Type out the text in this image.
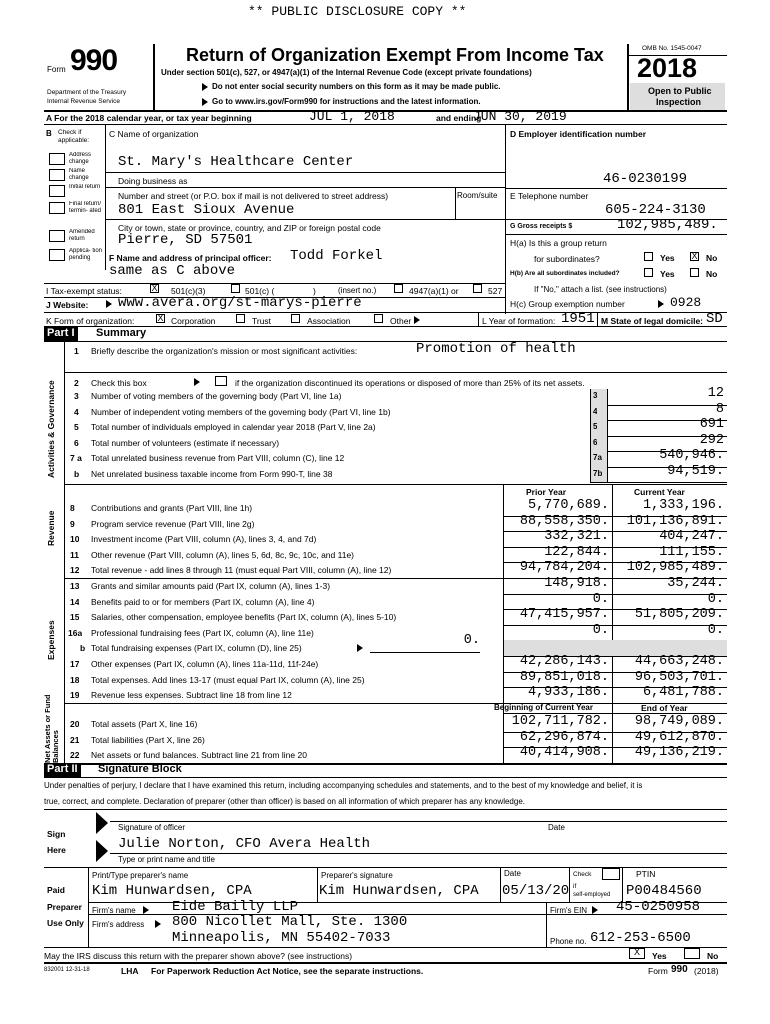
** PUBLIC DISCLOSURE COPY **
Form 990
Department of the Treasury
Internal Revenue Service
Return of Organization Exempt From Income Tax
Under section 501(c), 527, or 4947(a)(1) of the Internal Revenue Code (except private foundations)
Do not enter social security numbers on this form as it may be made public.
Go to www.irs.gov/Form990 for instructions and the latest information.
OMB No. 1545-0047
2018
Open to Public
Inspection
A For the 2018 calendar year, or tax year beginning	JUL 1, 2018	and ending
JUN 30, 2019
B Check if applicable:
Address change
Name change
Initial return
Final return/ termin- ated
Amended return
Applica- tion pending
C Name of organization
St. Mary's Healthcare Center
Doing business as
Number and street (or P.O. box if mail is not delivered to street address)	Room/suite
801 East Sioux Avenue
City or town, state or province, country, and ZIP or foreign postal code
Pierre, SD 57501
F Name and address of principal officer: Todd Forkel
same as C above
D Employer identification number
46-0230199
E Telephone number
605-224-3130
G Gross receipts $	102,985,489.
H(a) Is this a group return
for subordinates?	Yes X No
H(b) Are all subordinates included?	Yes	No
If "No," attach a list. (see instructions)
H(c) Group exemption number	0928
I Tax-exempt status:	X 501(c)(3)	501(c) (	)	(insert no.)	4947(a)(1) or	527
J Website: www.avera.org/st-marys-pierre
K Form of organization:	X Corporation	Trust	Association	Other	L Year of formation: 1951 M State of legal domicile: SD
Part I Summary
Activities & Governance
Revenue
Expenses
Net Assets or Fund Balances
1 Briefly describe the organization's mission or most significant activities:	Promotion of health
2 Check this box	if the organization discontinued its operations or disposed of more than 25% of its net assets.
3 Number of voting members of the governing body (Part VI, line 1a)	3	12
4 Number of independent voting members of the governing body (Part VI, line 1b)	4	8
5 Total number of individuals employed in calendar year 2018 (Part V, line 2a)	5	691
6 Total number of volunteers (estimate if necessary)	6	292
7 a Total unrelated business revenue from Part VIII, column (C), line 12	7a	540,946.
b Net unrelated business taxable income from Form 990-T, line 38	7b	94,519.
Prior Year	Current Year
8 Contributions and grants (Part VIII, line 1h)	5,770,689.	1,333,196.
9 Program service revenue (Part VIII, line 2g)	88,558,350.	101,136,891.
10 Investment income (Part VIII, column (A), lines 3, 4, and 7d)	332,321.	404,247.
11 Other revenue (Part VIII, column (A), lines 5, 6d, 8c, 9c, 10c, and 11e)	122,844.	111,155.
12 Total revenue - add lines 8 through 11 (must equal Part VIII, column (A), line 12)	94,784,204.	102,985,489.
13 Grants and similar amounts paid (Part IX, column (A), lines 1-3)	148,918.	35,244.
14 Benefits paid to or for members (Part IX, column (A), line 4)	0.	0.
15 Salaries, other compensation, employee benefits (Part IX, column (A), lines 5-10)	47,415,957.	51,805,209.
16a Professional fundraising fees (Part IX, column (A), line 11e)	0.	0.
b Total fundraising expenses (Part IX, column (D), line 25)	0.
17 Other expenses (Part IX, column (A), lines 11a-11d, 11f-24e)	42,286,143.	44,663,248.
18 Total expenses. Add lines 13-17 (must equal Part IX, column (A), line 25)	89,851,018.	96,503,701.
19 Revenue less expenses. Subtract line 18 from line 12	4,933,186.	6,481,788.
20 Total assets (Part X, line 16)	102,711,782.	98,749,089.
21 Total liabilities (Part X, line 26)	62,296,874.	49,612,870.
22 Net assets or fund balances. Subtract line 21 from line 20	40,414,908.	49,136,219.
Beginning of Current Year	End of Year
Part II Signature Block
Under penalties of perjury, I declare that I have examined this return, including accompanying schedules and statements, and to the best of my knowledge and belief, it is
true, correct, and complete. Declaration of preparer (other than officer) is based on all information of which preparer has any knowledge.
Sign
Here
Signature of officer	Date
Julie Norton, CFO Avera Health
Type or print name and title
Paid
Preparer
Use Only
Print/Type preparer's name	Preparer's signature	Date	Check
if
self-employed
PTIN
Kim Hunwardsen, CPA	Kim Hunwardsen, CPA 05/13/20	P00484560
Firm's name	Eide Bailly LLP	Firm's EIN 45-0250958
Firm's address 800 Nicollet Mall, Ste. 1300
Minneapolis, MN 55402-7033	Phone no. 612-253-6500
May the IRS discuss this return with the preparer shown above? (see instructions)	X	Yes	No
832001 12-31-18	LHA For Paperwork Reduction Act Notice, see the separate instructions.	Form 990 (2018)
